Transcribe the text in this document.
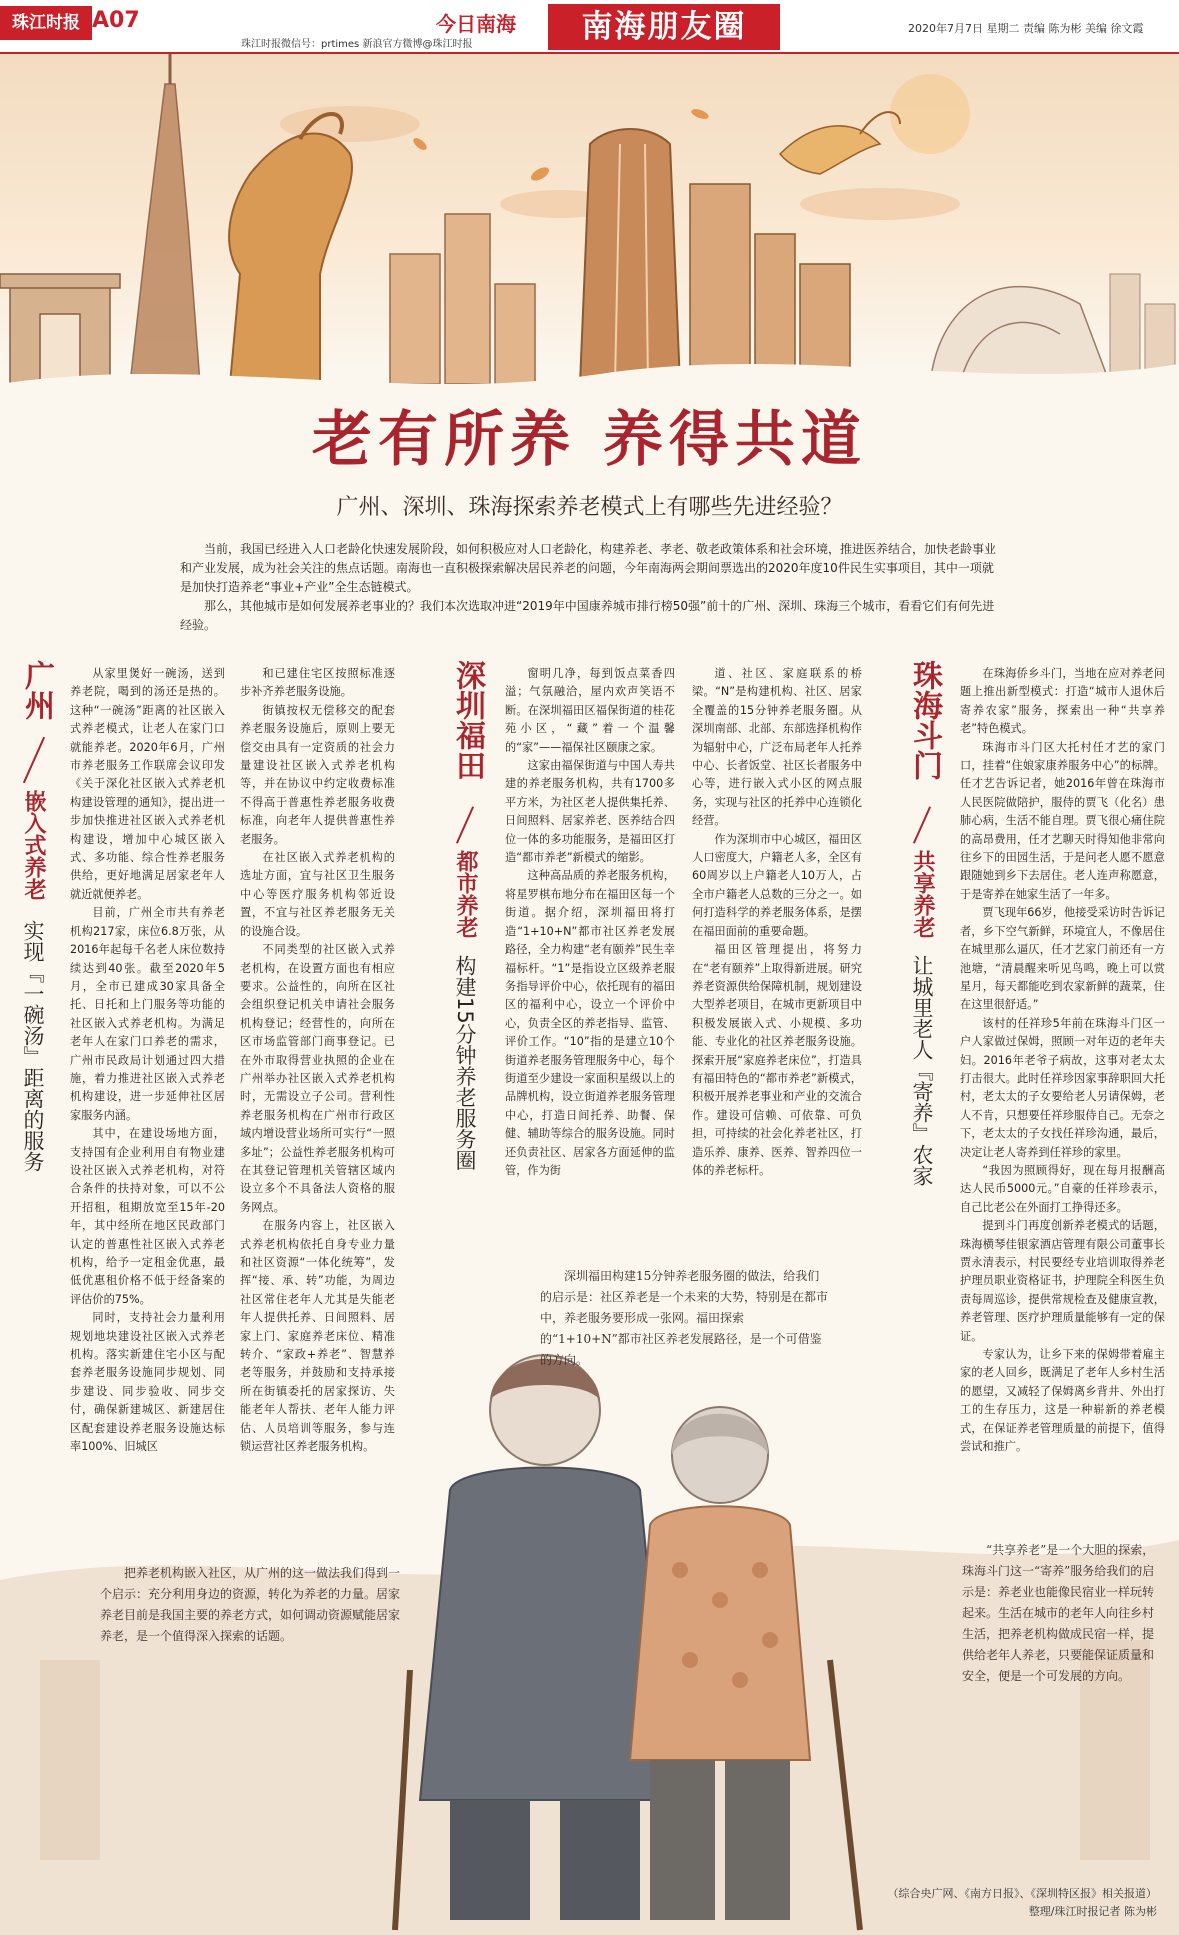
珠江时报 A07	今日南海
珠江时报微信号：prtimes 新浪官方微博@珠江时报	南海朋友圈	2020年7月7日 星期二 责编 陈为彬 美编 徐文霞
老有所养 养得共道
广州、深圳、珠海探索养老模式上有哪些先进经验？

当前，我国已经进入人口老龄化快速发展阶段，如何积极应对人口老龄化，构建养老、孝老、敬老政策体系和社会环境，推进医养结合，加快老龄事业和产业发展，成为社会关注的焦点话题。南海也一直积极探索解决居民养老的问题，今年南海两会期间票选出的2020年度10件民生实事项目，其中一项就是加快打造养老“事业+产业”全生态链模式。

那么，其他城市是如何发展养老事业的？我们本次选取冲进“2019年中国康养城市排行榜50强”前十的广州、深圳、珠海三个城市，看看它们有何先进经验。

广州
嵌入式养老
实现『一碗汤』距离的服务

从家里煲好一碗汤，送到养老院，喝到的汤还是热的。这种“一碗汤”距离的社区嵌入式养老模式，让老人在家门口就能养老。2020年6月，广州市养老服务工作联席会议印发《关于深化社区嵌入式养老机构建设管理的通知》，提出进一步加快推进社区嵌入式养老机构建设，增加中心城区嵌入式、多功能、综合性养老服务供给，更好地满足居家老年人就近就便养老。

目前，广州全市共有养老机构217家，床位6.8万张，从2016年起每千名老人床位数持续达到40张。截至2020年5月，全市已建成30家具备全托、日托和上门服务等功能的社区嵌入式养老机构。为满足老年人在家门口养老的需求，广州市民政局计划通过四大措施，着力推进社区嵌入式养老机构建设，进一步延伸社区居家服务内涵。

其中，在建设场地方面，支持国有企业利用自有物业建设社区嵌入式养老机构，对符合条件的扶持对象，可以不公开招租，租期放宽至15年-20年，其中经所在地区民政部门认定的普惠性社区嵌入式养老机构，给予一定租金优惠，最低优惠租价格不低于经备案的评估价的75%。

同时，支持社会力量利用规划地块建设社区嵌入式养老机构。落实新建住宅小区与配套养老服务设施同步规划、同步建设、同步验收、同步交付，确保新建城区、新建居住区配套建设养老服务设施达标率100%、旧城区

和已建住宅区按照标准逐步补齐养老服务设施。

街镇按权无偿移交的配套养老服务设施后，原则上要无偿交由具有一定资质的社会力量建设社区嵌入式养老机构等，并在协议中约定收费标准不得高于普惠性养老服务收费标准，向老年人提供普惠性养老服务。

在社区嵌入式养老机构的选址方面，宜与社区卫生服务中心等医疗服务机构邻近设置，不宜与社区养老服务无关的设施合设。

不同类型的社区嵌入式养老机构，在设置方面也有相应要求。公益性的，向所在区社会组织登记机关申请社会服务机构登记；经营性的，向所在区市场监管部门商事登记。已在外市取得营业执照的企业在广州举办社区嵌入式养老机构时，无需设立子公司。营利性养老服务机构在广州市行政区域内增设营业场所可实行“一照多址”；公益性养老服务机构可在其登记管理机关管辖区域内设立多个不具备法人资格的服务网点。

在服务内容上，社区嵌入式养老机构依托自身专业力量和社区资源“一体化统筹”，发挥“接、承、转”功能，为周边社区常住老年人尤其是失能老年人提供托养、日间照料、居家上门、家庭养老床位、精准转介、“家政+养老”、智慧养老等服务，并鼓励和支持承接所在街镇委托的居家探访、失能老年人帮扶、老年人能力评估、人员培训等服务，参与连锁运营社区养老服务机构。

深圳福田
都市养老
构建15分钟养老服务圈

窗明几净，每到饭点菜香四溢；气氛融洽，屋内欢声笑语不断。在深圳福田区福保街道的桂花苑小区，“藏”着一个温馨的“家”——福保社区颐康之家。

这家由福保街道与中国人寿共建的养老服务机构，共有1700多平方米，为社区老人提供集托养、日间照料、居家养老、医养结合四位一体的多功能服务，是福田区打造“都市养老”新模式的缩影。

这种高品质的养老服务机构，将星罗棋布地分布在福田区每一个街道。据介绍，深圳福田将打造“1+10+N”都市社区养老发展路径，全力构建“老有颐养”民生幸福标杆。“1”是指设立区级养老服务指导评价中心，依托现有的福田区的福利中心，设立一个评价中心，负责全区的养老指导、监管、评价工作。“10”指的是建立10个街道养老服务管理服务中心，每个街道至少建设一家面积星级以上的品牌机构，设立街道养老服务管理中心，打造日间托养、助餐、保健、辅助等综合的服务设施。同时还负责社区、居家各方面延伸的监管，作为街

道、社区、家庭联系的桥梁。“N”是构建机构、社区、居家全覆盖的15分钟养老服务圈。从深圳南部、北部、东部选择机构作为辐射中心，广泛布局老年人托养中心、长者饭堂、社区长者服务中心等，进行嵌入式小区的网点服务，实现与社区的托养中心连锁化经营。

作为深圳市中心城区，福田区人口密度大，户籍老人多，全区有60周岁以上户籍老人10万人，占全市户籍老人总数的三分之一。如何打造科学的养老服务体系，是摆在福田面前的重要命题。

福田区管理提出，将努力在“老有颐养”上取得新进展。研究养老资源供给保障机制，规划建设大型养老项目，在城市更新项目中积极发展嵌入式、小规模、多功能、专业化的社区养老服务设施。探索开展“家庭养老床位”，打造具有福田特色的“都市养老”新模式，积极开展养老事业和产业的交流合作。建设可信赖、可依靠、可负担，可持续的社会化养老社区，打造乐养、康养、医养、智养四位一体的养老标杆。

珠海斗门
共享养老
让城里老人『寄养』农家

在珠海侨乡斗门，当地在应对养老问题上推出新型模式：打造“城市人退休后寄养农家”服务，探索出一种“共享养老”特色模式。

珠海市斗门区大托村任才艺的家门口，挂着“住娘家康养服务中心”的标牌。任才艺告诉记者，她2016年曾在珠海市人民医院做陪护，服侍的贾飞（化名）患肺心病，生活不能自理。贾飞很心痛住院的高昂费用，任才艺聊天时得知他非常向往乡下的田园生活，于是问老人愿不愿意跟随她到乡下去居住。老人连声称愿意，于是寄养在她家生活了一年多。

贾飞现年66岁，他接受采访时告诉记者，乡下空气新鲜，环境宜人，不像居住在城里那么逼仄，任才艺家门前还有一方池塘，“清晨醒来听见鸟鸣，晚上可以赏星月，每天都能吃到农家新鲜的蔬菜，住在这里很舒适。”

该村的任祥珍5年前在珠海斗门区一户人家做过保姆，照顾一对年迈的老年夫妇。2016年老爷子病故，这事对老太太打击很大。此时任祥珍因家事辞职回大托村，老太太的子女要给老人另请保姆，老人不肯，只想要任祥珍服侍自己。无奈之下，老太太的子女找任祥珍沟通，最后，决定让老人寄养到任祥珍的家里。

“我因为照顾得好，现在每月报酬高达人民币5000元。”自豪的任祥珍表示，自己比老公在外面打工挣得还多。

提到斗门再度创新养老模式的话题，珠海横琴佳银家酒店管理有限公司董事长贾永清表示，村民要经专业培训取得养老护理员职业资格证书，护理院全科医生负责每周巡诊，提供常规检查及健康宣教，养老管理、医疗护理质量能够有一定的保证。

专家认为，让乡下来的保姆带着雇主家的老人回乡，既满足了老年人乡村生活的愿望，又减轻了保姆离乡背井、外出打工的生存压力，这是一种崭新的养老模式，在保证养老管理质量的前提下，值得尝试和推广。

把养老机构嵌入社区，从广州的这一做法我们得到一个启示：充分利用身边的资源，转化为养老的力量。居家养老目前是我国主要的养老方式，如何调动资源赋能居家养老，是一个值得深入探索的话题。

深圳福田构建15分钟养老服务圈的做法，给我们的启示是：社区养老是一个未来的大势，特别是在都市中，养老服务要形成一张网。福田探索的“1+10+N”都市社区养老发展路径，是一个可借鉴的方向。

“共享养老”是一个大胆的探索，珠海斗门这一“寄养”服务给我们的启示是：养老业也能像民宿业一样玩转起来。生活在城市的老年人向往乡村生活，把养老机构做成民宿一样，提供给老年人养老，只要能保证质量和安全，便是一个可发展的方向。

（综合央广网、《南方日报》、《深圳特区报》相关报道）
整理/珠江时报记者 陈为彬
